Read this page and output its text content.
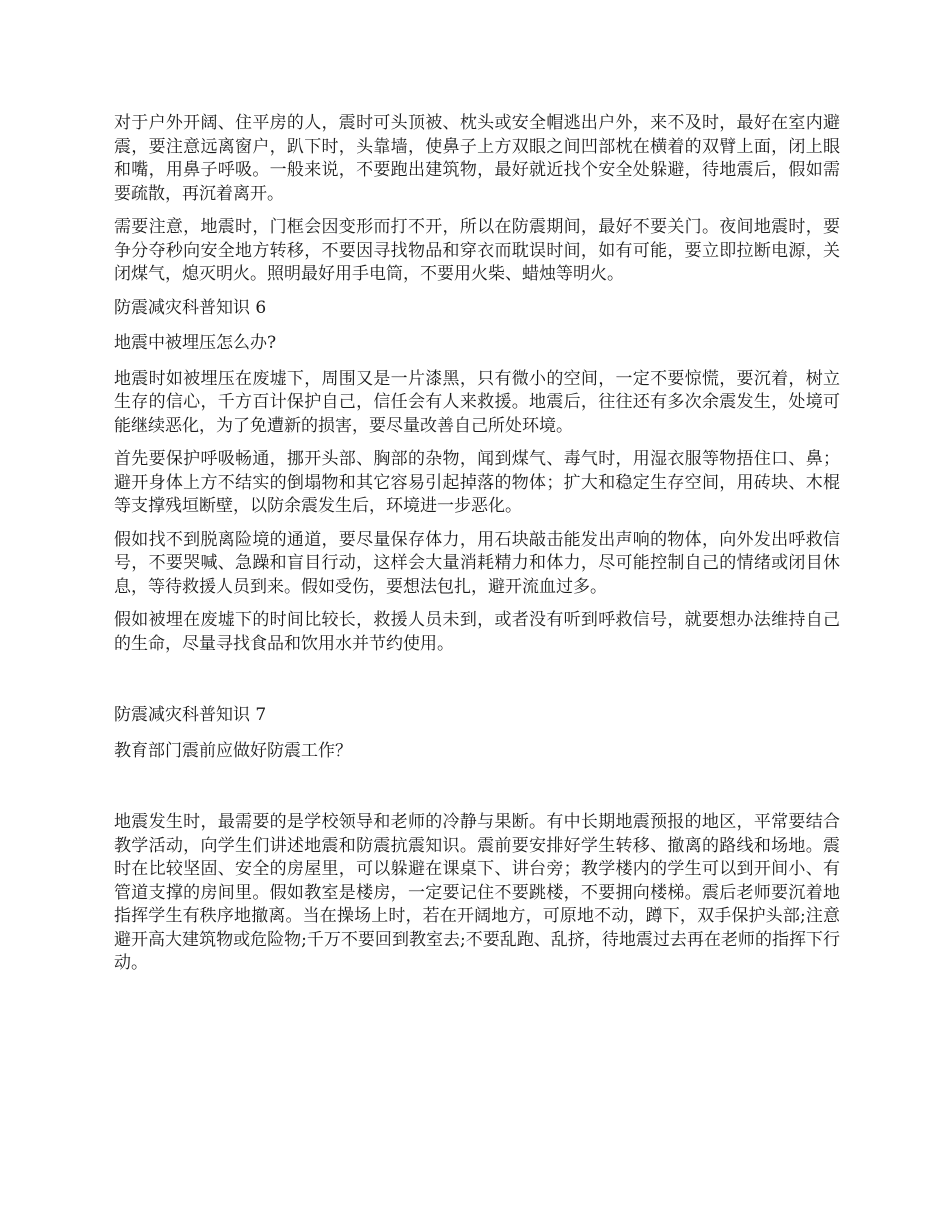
对于户外开阔、住平房的人，震时可头顶被、枕头或安全帽逃出户外，来不及时，最好在室内避震，要注意远离窗户，趴下时，头靠墙，使鼻子上方双眼之间凹部枕在横着的双臂上面，闭上眼和嘴，用鼻子呼吸。一般来说，不要跑出建筑物，最好就近找个安全处躲避，待地震后，假如需要疏散，再沉着离开。

需要注意，地震时，门框会因变形而打不开，所以在防震期间，最好不要关门。夜间地震时，要争分夺秒向安全地方转移，不要因寻找物品和穿衣而耽误时间，如有可能，要立即拉断电源，关闭煤气，熄灭明火。照明最好用手电筒，不要用火柴、蜡烛等明火。

防震减灾科普知识 6

地震中被埋压怎么办?

地震时如被埋压在废墟下，周围又是一片漆黑，只有微小的空间，一定不要惊慌，要沉着，树立生存的信心，千方百计保护自己，信任会有人来救援。地震后，往往还有多次余震发生，处境可能继续恶化，为了免遭新的损害，要尽量改善自己所处环境。

首先要保护呼吸畅通，挪开头部、胸部的杂物，闻到煤气、毒气时，用湿衣服等物捂住口、鼻；避开身体上方不结实的倒塌物和其它容易引起掉落的物体；扩大和稳定生存空间，用砖块、木棍等支撑残垣断壁，以防余震发生后，环境进一步恶化。

假如找不到脱离险境的通道，要尽量保存体力，用石块敲击能发出声响的物体，向外发出呼救信号，不要哭喊、急躁和盲目行动，这样会大量消耗精力和体力，尽可能控制自己的情绪或闭目休息，等待救援人员到来。假如受伤，要想法包扎，避开流血过多。

假如被埋在废墟下的时间比较长，救援人员未到，或者没有听到呼救信号，就要想办法维持自己的生命，尽量寻找食品和饮用水并节约使用。

防震减灾科普知识 7

教育部门震前应做好防震工作？

地震发生时，最需要的是学校领导和老师的冷静与果断。有中长期地震预报的地区，平常要结合教学活动，向学生们讲述地震和防震抗震知识。震前要安排好学生转移、撤离的路线和场地。震时在比较坚固、安全的房屋里，可以躲避在课桌下、讲台旁；教学楼内的学生可以到开间小、有管道支撑的房间里。假如教室是楼房，一定要记住不要跳楼，不要拥向楼梯。震后老师要沉着地指挥学生有秩序地撤离。当在操场上时，若在开阔地方，可原地不动，蹲下，双手保护头部;注意避开高大建筑物或危险物;千万不要回到教室去;不要乱跑、乱挤，待地震过去再在老师的指挥下行动。
